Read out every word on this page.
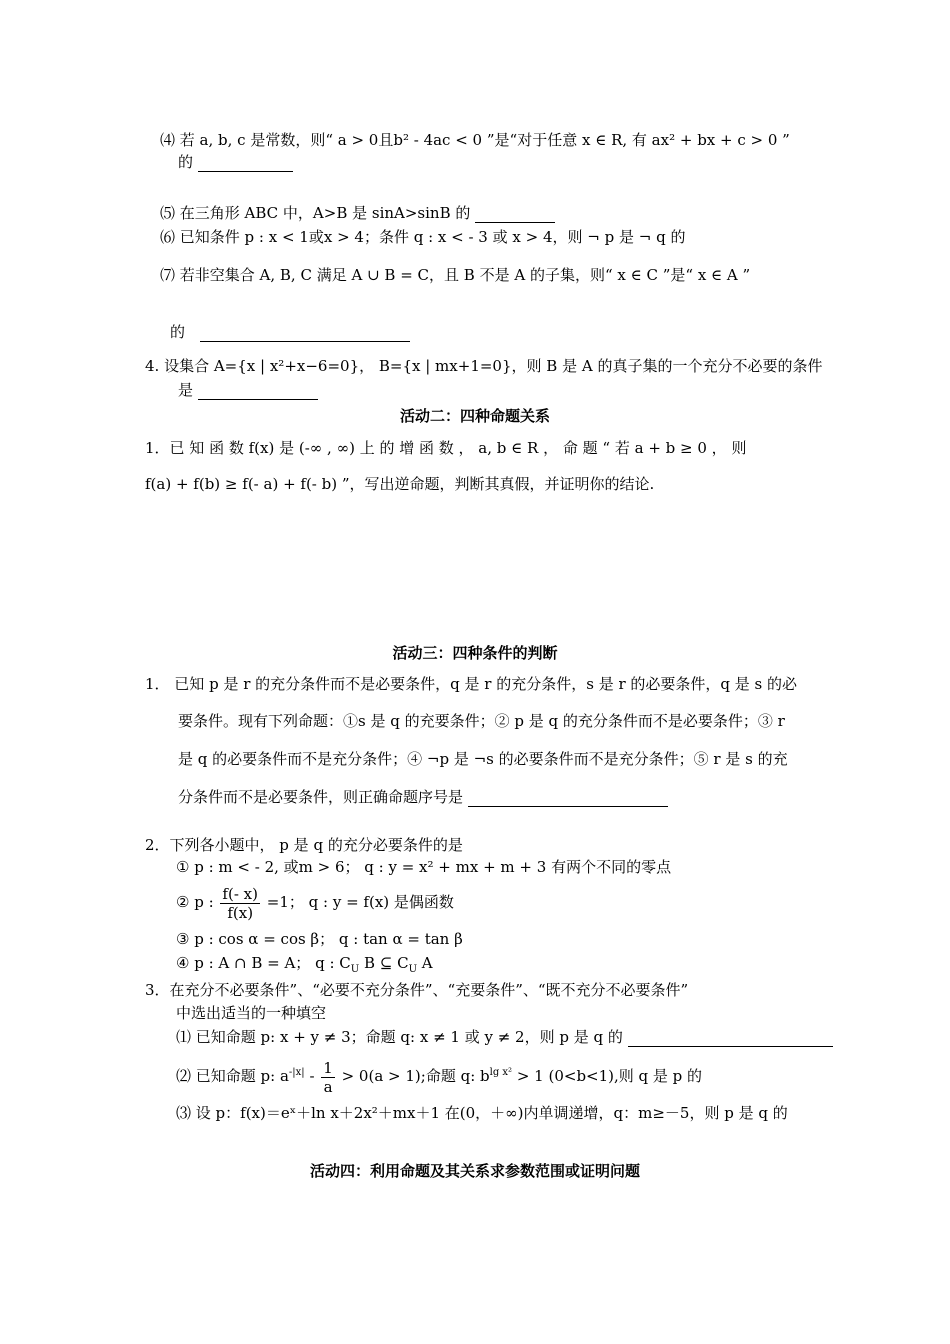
⑷ 若 a, b, c 是常数，则“ a > 0且b² - 4ac < 0 ”是“对于任意 x ∈ R, 有 ax² + bx + c > 0 ”
的
⑸ 在三角形 ABC 中，A>B 是 sinA>sinB 的
⑹ 已知条件 p : x < 1或x > 4；条件 q : x < - 3 或 x > 4，则 ¬ p 是 ¬ q 的
⑺ 若非空集合 A, B, C 满足 A ∪ B = C，且 B 不是 A 的子集，则“ x ∈ C ”是“ x ∈ A ”
的
4. 设集合 A={x | x²+x−6=0}， B={x | mx+1=0}，则 B 是 A 的真子集的一个充分不必要的条件
是
活动二：四种命题关系
1．已 知 函 数 f(x) 是 (-∞ , ∞) 上 的 增 函 数 ， a, b ∈ R ， 命 题 “ 若 a + b ≥ 0 ， 则
f(a) + f(b) ≥ f(- a) + f(- b) ”，写出逆命题，判断其真假，并证明你的结论.
活动三：四种条件的判断
1． 已知 p 是 r 的充分条件而不是必要条件，q 是 r 的充分条件，s 是 r 的必要条件，q 是 s 的必
要条件。现有下列命题：①s 是 q 的充要条件；② p 是 q 的充分条件而不是必要条件；③ r
是 q 的必要条件而不是充分条件；④ ¬p 是 ¬s 的必要条件而不是充分条件；⑤ r 是 s 的充
分条件而不是必要条件，则正确命题序号是
2．下列各小题中， p 是 q 的充分必要条件的是
① p : m < - 2, 或m > 6； q : y = x² + mx + m + 3 有两个不同的零点
② p : $\frac{f(- x)}{f(x)} =1$； q : y = f(x) 是偶函数
③ p : cos α = cos β； q : tan α = tan β
④ p : A ∩ B = A； q : $C_U$ B ⊆ $C_U$ A
3．在充分不必要条件”、“必要不充分条件”、“充要条件”、“既不充分不必要条件”
中选出适当的一种填空
⑴ 已知命题 p: x + y ≠ 3；命题 q: x ≠ 1 或 y ≠ 2，则 p 是 q 的
⑵ 已知命题 p: $a^{-|x|} - \frac{1}{a} > 0(a > 1)$;命题 q: $b^{lg x^2} > 1$ (0<b<1),则 q 是 p 的
⑶ 设 p：f(x)＝eˣ＋ln x＋2x²＋mx＋1 在(0，＋∞)内单调递增，q：m≥－5，则 p 是 q 的
活动四：利用命题及其关系求参数范围或证明问题
